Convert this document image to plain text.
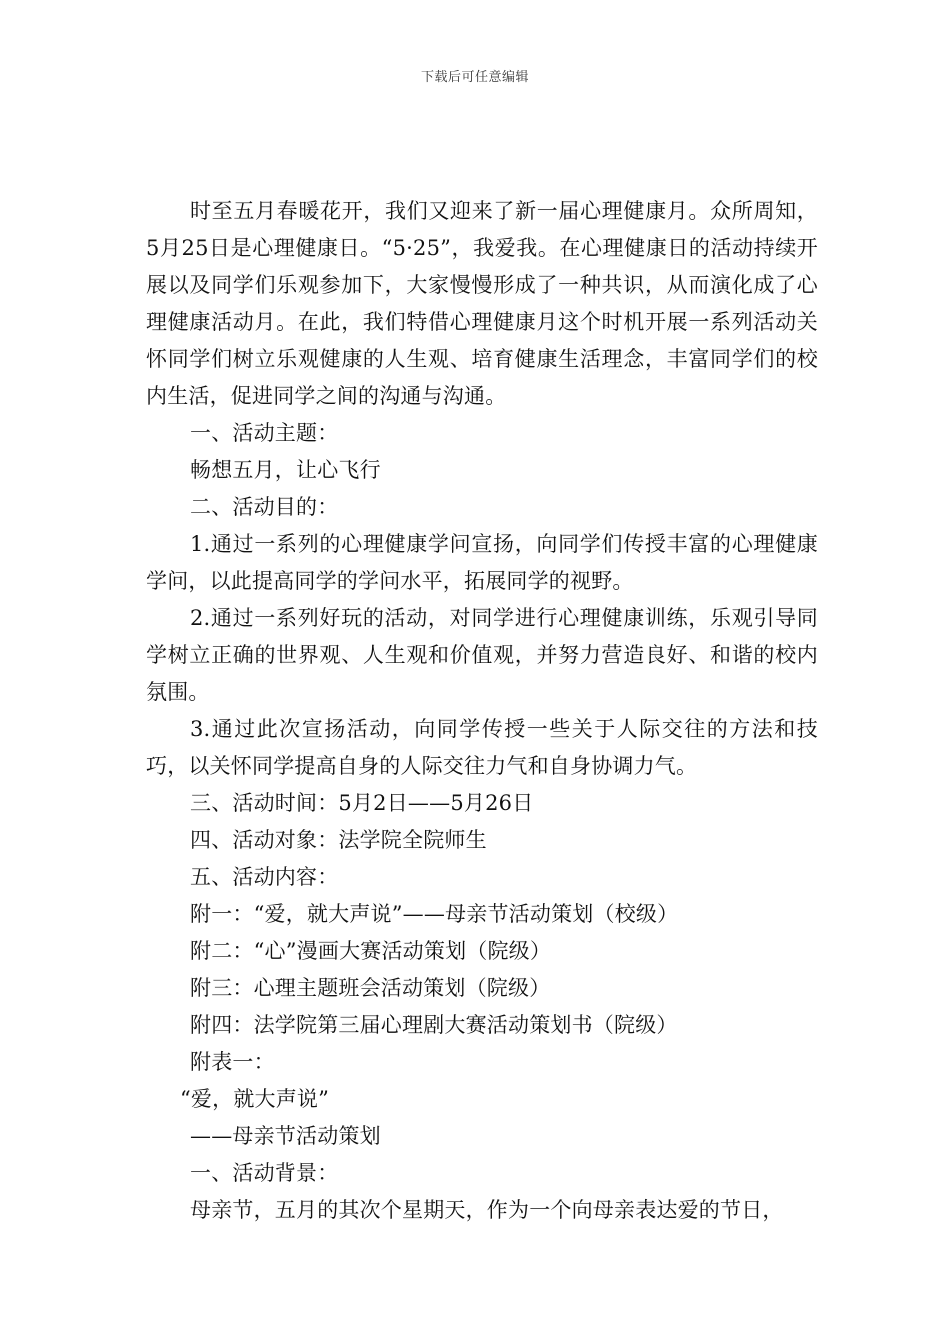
下载后可任意编辑

时至五月春暖花开，我们又迎来了新一届心理健康月。众所周知，5月25日是心理健康日。“5·25”，我爱我。在心理健康日的活动持续开展以及同学们乐观参加下，大家慢慢形成了一种共识，从而演化成了心理健康活动月。在此，我们特借心理健康月这个时机开展一系列活动关怀同学们树立乐观健康的人生观、培育健康生活理念，丰富同学们的校内生活，促进同学之间的沟通与沟通。

一、活动主题：

畅想五月，让心飞行

二、活动目的：

1.通过一系列的心理健康学问宣扬，向同学们传授丰富的心理健康学问，以此提高同学的学问水平，拓展同学的视野。

2.通过一系列好玩的活动，对同学进行心理健康训练，乐观引导同学树立正确的世界观、人生观和价值观，并努力营造良好、和谐的校内氛围。

3.通过此次宣扬活动，向同学传授一些关于人际交往的方法和技巧，以关怀同学提高自身的人际交往力气和自身协调力气。

三、活动时间：5月2日——5月26日

四、活动对象：法学院全院师生

五、活动内容：

附一：“爱，就大声说”——母亲节活动策划（校级）

附二：“心”漫画大赛活动策划（院级）

附三：心理主题班会活动策划（院级）

附四：法学院第三届心理剧大赛活动策划书（院级）

附表一：

“爱，就大声说”

——母亲节活动策划

一、活动背景：

母亲节，五月的其次个星期天，作为一个向母亲表达爱的节日，
